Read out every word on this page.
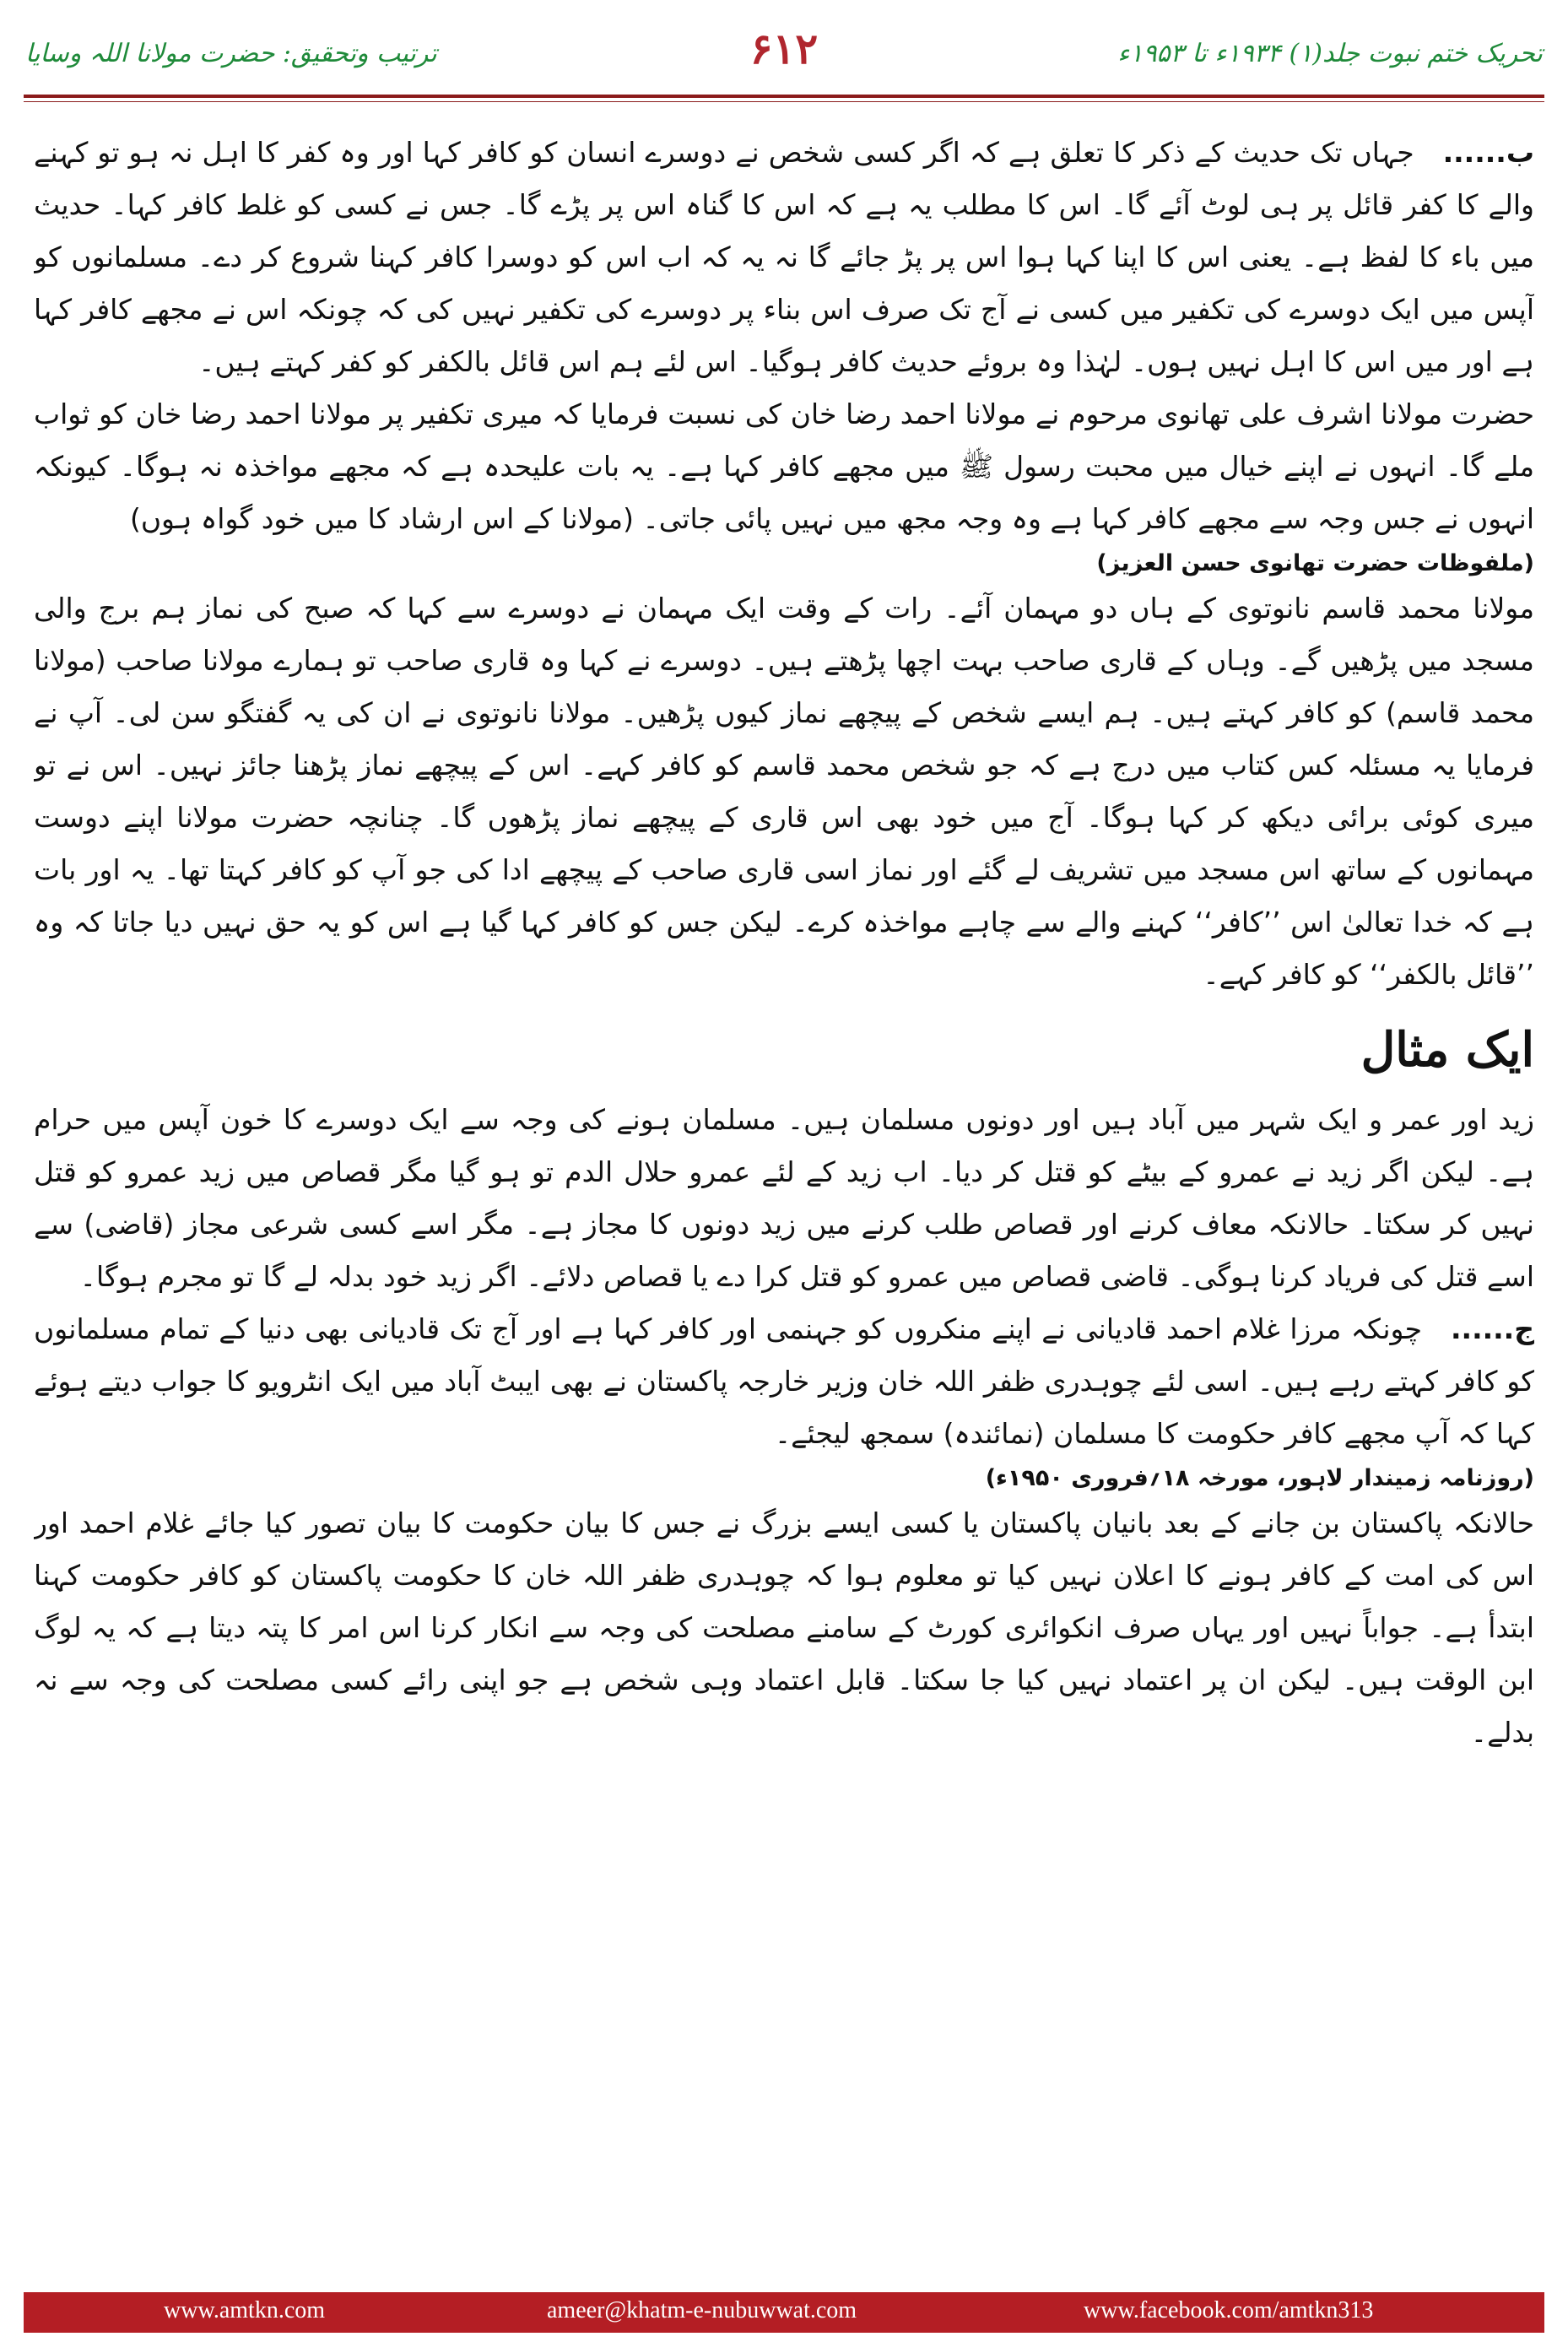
ترتیب وتحقیق: حضرت مولانا اللہ وسایا	۶۱۲	تحریک ختم نبوت جلد(۱) ۱۹۳۴ء تا ۱۹۵۳ء

ب......جہاں تک حدیث کے ذکر کا تعلق ہے کہ اگر کسی شخص نے دوسرے انسان کو کافر کہا اور وہ کفر کا اہل نہ ہو تو کہنے والے کا کفر قائل پر ہی لوٹ آئے گا۔ اس کا مطلب یہ ہے کہ اس کا گناہ اس پر پڑے گا۔ جس نے کسی کو غلط کافر کہا۔ حدیث میں باء کا لفظ ہے۔ یعنی اس کا اپنا کہا ہوا اس پر پڑ جائے گا نہ یہ کہ اب اس کو دوسرا کافر کہنا شروع کر دے۔ مسلمانوں کو آپس میں ایک دوسرے کی تکفیر میں کسی نے آج تک صرف اس بناء پر دوسرے کی تکفیر نہیں کی کہ چونکہ اس نے مجھے کافر کہا ہے اور میں اس کا اہل نہیں ہوں۔ لہٰذا وہ بروئے حدیث کافر ہوگیا۔ اس لئے ہم اس قائل بالکفر کو کفر کہتے ہیں۔

حضرت مولانا اشرف علی تھانوی مرحوم نے مولانا احمد رضا خان کی نسبت فرمایا کہ میری تکفیر پر مولانا احمد رضا خان کو ثواب ملے گا۔ انہوں نے اپنے خیال میں محبت رسول ﷺ میں مجھے کافر کہا ہے۔ یہ بات علیحدہ ہے کہ مجھے مواخذہ نہ ہوگا۔ کیونکہ انہوں نے جس وجہ سے مجھے کافر کہا ہے وہ وجہ مجھ میں نہیں پائی جاتی۔ (مولانا کے اس ارشاد کا میں خود گواہ ہوں)
(ملفوظات حضرت تھانوی حسن العزیز)

مولانا محمد قاسم نانوتوی کے ہاں دو مہمان آئے۔ رات کے وقت ایک مہمان نے دوسرے سے کہا کہ صبح کی نماز ہم برج والی مسجد میں پڑھیں گے۔ وہاں کے قاری صاحب بہت اچھا پڑھتے ہیں۔ دوسرے نے کہا وہ قاری صاحب تو ہمارے مولانا صاحب (مولانا محمد قاسم) کو کافر کہتے ہیں۔ ہم ایسے شخص کے پیچھے نماز کیوں پڑھیں۔ مولانا نانوتوی نے ان کی یہ گفتگو سن لی۔ آپ نے فرمایا یہ مسئلہ کس کتاب میں درج ہے کہ جو شخص محمد قاسم کو کافر کہے۔ اس کے پیچھے نماز پڑھنا جائز نہیں۔ اس نے تو میری کوئی برائی دیکھ کر کہا ہوگا۔ آج میں خود بھی اس قاری کے پیچھے نماز پڑھوں گا۔ چنانچہ حضرت مولانا اپنے دوست مہمانوں کے ساتھ اس مسجد میں تشریف لے گئے اور نماز اسی قاری صاحب کے پیچھے ادا کی جو آپ کو کافر کہتا تھا۔ یہ اور بات ہے کہ خدا تعالیٰ اس ’’کافر‘‘ کہنے والے سے چاہے مواخذہ کرے۔ لیکن جس کو کافر کہا گیا ہے اس کو یہ حق نہیں دیا جاتا کہ وہ ’’قائل بالکفر‘‘ کو کافر کہے۔

ایک مثال

زید اور عمر و ایک شہر میں آباد ہیں اور دونوں مسلمان ہیں۔ مسلمان ہونے کی وجہ سے ایک دوسرے کا خون آپس میں حرام ہے۔ لیکن اگر زید نے عمرو کے بیٹے کو قتل کر دیا۔ اب زید کے لئے عمرو حلال الدم تو ہو گیا مگر قصاص میں زید عمرو کو قتل نہیں کر سکتا۔ حالانکہ معاف کرنے اور قصاص طلب کرنے میں زید دونوں کا مجاز ہے۔ مگر اسے کسی شرعی مجاز (قاضی) سے اسے قتل کی فریاد کرنا ہوگی۔ قاضی قصاص میں عمرو کو قتل کرا دے یا قصاص دلائے۔ اگر زید خود بدلہ لے گا تو مجرم ہوگا۔

ج......چونکہ مرزا غلام احمد قادیانی نے اپنے منکروں کو جہنمی اور کافر کہا ہے اور آج تک قادیانی بھی دنیا کے تمام مسلمانوں کو کافر کہتے رہے ہیں۔ اسی لئے چوہدری ظفر اللہ خان وزیر خارجہ پاکستان نے بھی ایبٹ آباد میں ایک انٹرویو کا جواب دیتے ہوئے کہا کہ آپ مجھے کافر حکومت کا مسلمان (نمائندہ) سمجھ لیجئے۔
(روزنامہ زمیندار لاہور، مورخہ ۱۸؍فروری ۱۹۵۰ء)

حالانکہ پاکستان بن جانے کے بعد بانیان پاکستان یا کسی ایسے بزرگ نے جس کا بیان حکومت کا بیان تصور کیا جائے غلام احمد اور اس کی امت کے کافر ہونے کا اعلان نہیں کیا تو معلوم ہوا کہ چوہدری ظفر اللہ خان کا حکومت پاکستان کو کافر حکومت کہنا ابتدأ ہے۔ جواباً نہیں اور یہاں صرف انکوائری کورٹ کے سامنے مصلحت کی وجہ سے انکار کرنا اس امر کا پتہ دیتا ہے کہ یہ لوگ ابن الوقت ہیں۔ لیکن ان پر اعتماد نہیں کیا جا سکتا۔ قابل اعتماد وہی شخص ہے جو اپنی رائے کسی مصلحت کی وجہ سے نہ بدلے۔

www.amtkn.com	ameer@khatm-e-nubuwwat.com	www.facebook.com/amtkn313
